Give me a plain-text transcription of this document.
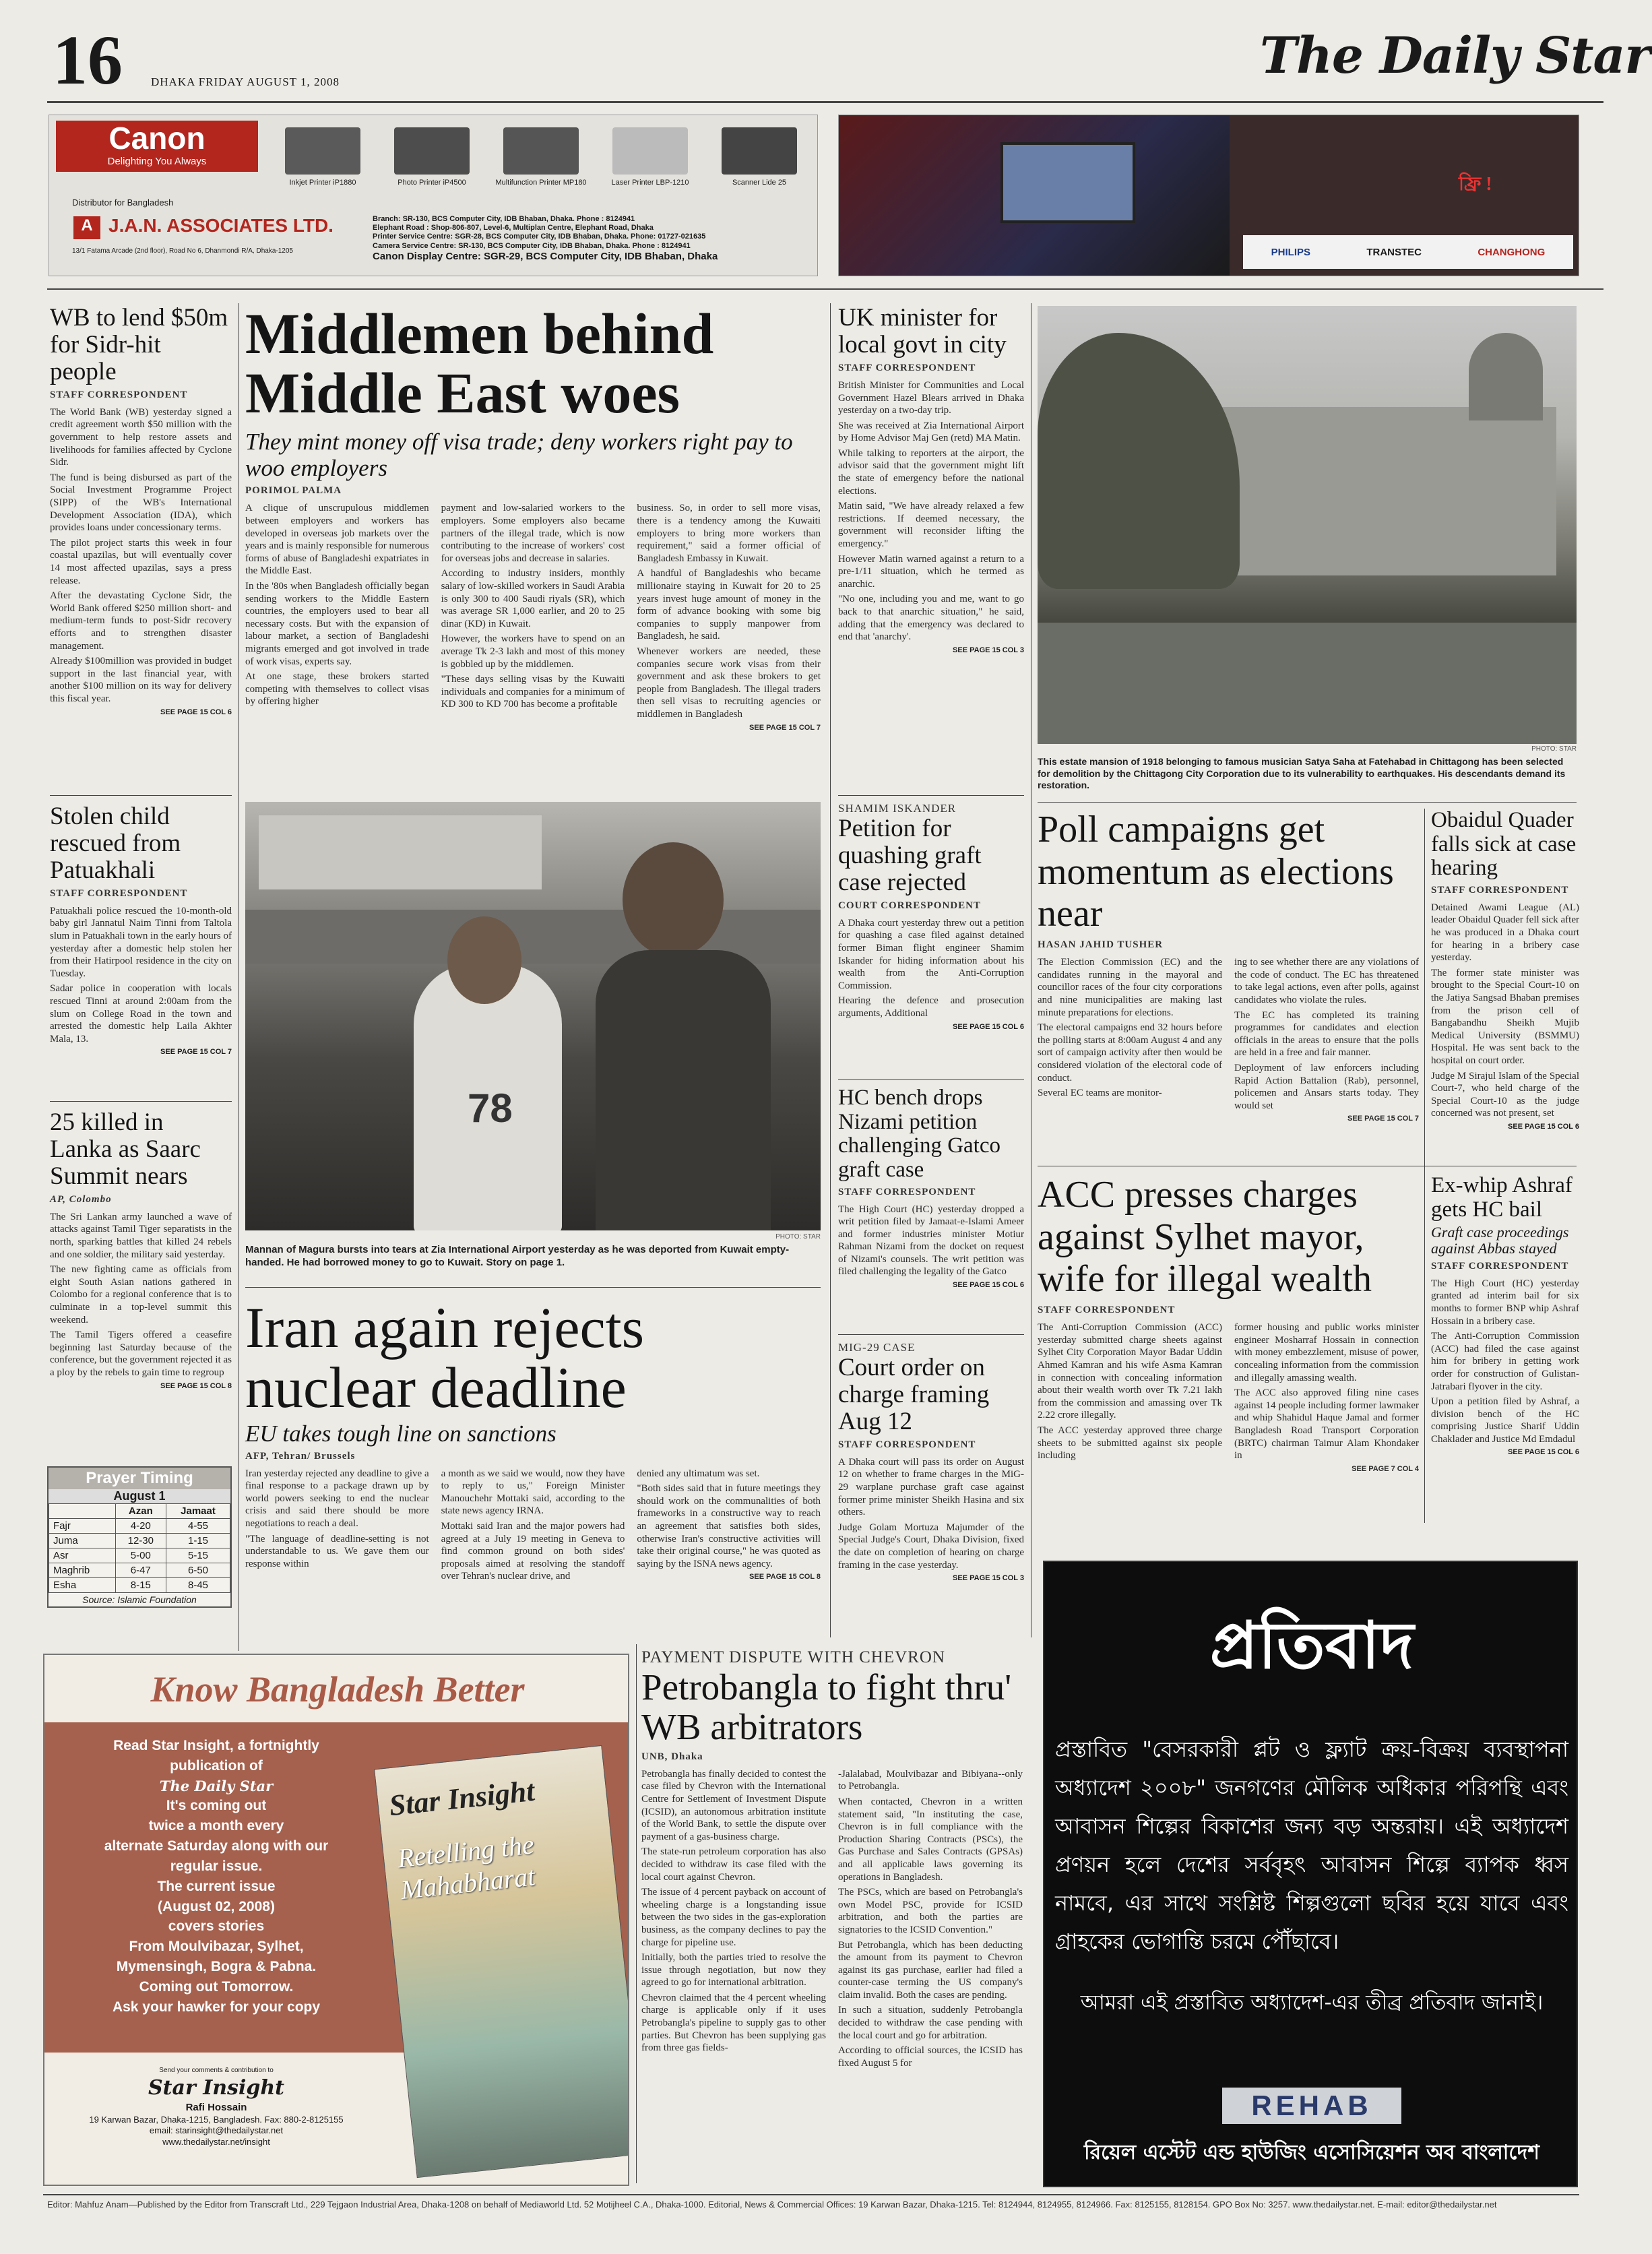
16 DHAKA FRIDAY AUGUST 1, 2008	The Daily Star
Canon
Delighting You Always
Distributor for Bangladesh
A J.A.N. ASSOCIATES LTD.
13/1 Fatama Arcade (2nd floor), Road No 6, Dhanmondi R/A, Dhaka-1205
Inkjet Printer iP1880	Photo Printer iP4500	Multifunction Printer MP180	Laser Printer LBP-1210	Scanner Lide 25
Branch: SR-130, BCS Computer City, IDB Bhaban, Dhaka. Phone : 8124941
Elephant Road : Shop-806-807, Level-6, Multiplan Centre, Elephant Road, Dhaka
Printer Service Centre: SGR-28, BCS Computer City, IDB Bhaban, Dhaka. Phone: 01727-021635
Camera Service Centre: SR-130, BCS Computer City, IDB Bhaban, Dhaka. Phone : 8124941
Canon Display Centre: SGR-29, BCS Computer City, IDB Bhaban, Dhaka
ফ্রি !
PHILIPS	TRANSTEC	CHANGHONG
WB to lend $50m for Sidr-hit people
STAFF CORRESPONDENT

The World Bank (WB) yesterday signed a credit agreement worth $50 million with the government to help restore assets and livelihoods for families affected by Cyclone Sidr.

The fund is being disbursed as part of the Social Investment Programme Project (SIPP) of the WB's International Development Association (IDA), which provides loans under concessionary terms.

The pilot project starts this week in four coastal upazilas, but will eventually cover 14 most affected upazilas, says a press release.

After the devastating Cyclone Sidr, the World Bank offered $250 million short- and medium-term funds to post-Sidr recovery efforts and to strengthen disaster management.

Already $100million was provided in budget support in the last financial year, with another $100 million on its way for delivery this fiscal year.

SEE PAGE 15 COL 6
Stolen child rescued from Patuakhali
STAFF CORRESPONDENT

Patuakhali police rescued the 10-month-old baby girl Jannatul Naim Tinni from Taltola slum in Patuakhali town in the early hours of yesterday after a domestic help stolen her from their Hatirpool residence in the city on Tuesday.

Sadar police in cooperation with locals rescued Tinni at around 2:00am from the slum on College Road in the town and arrested the domestic help Laila Akhter Mala, 13.

SEE PAGE 15 COL 7
25 killed in Lanka as Saarc Summit nears
AP, Colombo

The Sri Lankan army launched a wave of attacks against Tamil Tiger separatists in the north, sparking battles that killed 24 rebels and one soldier, the military said yesterday.

The new fighting came as officials from eight South Asian nations gathered in Colombo for a regional conference that is to culminate in a top-level summit this weekend.

The Tamil Tigers offered a ceasefire beginning last Saturday because of the conference, but the government rejected it as a ploy by the rebels to gain time to regroup

SEE PAGE 15 COL 8
Prayer Timing
August 1
	Azan	Jamaat
Fajr	4-20	4-55
Juma	12-30	1-15
Asr	5-00	5-15
Maghrib	6-47	6-50
Esha	8-15	8-45
Source: Islamic Foundation
Middlemen behind Middle East woes
They mint money off visa trade; deny workers right pay to woo employers
PORIMOL PALMA

A clique of unscrupulous middlemen between employers and workers has developed in overseas job markets over the years and is mainly responsible for numerous forms of abuse of Bangladeshi expatriates in the Middle East.

In the '80s when Bangladesh officially began sending workers to the Middle Eastern countries, the employers used to bear all necessary costs. But with the expansion of labour market, a section of Bangladeshi migrants emerged and got involved in trade of work visas, experts say.

At one stage, these brokers started competing with themselves to collect visas by offering higher

payment and low-salaried workers to the employers. Some employers also became partners of the illegal trade, which is now contributing to the increase of workers' cost for overseas jobs and decrease in salaries.

According to industry insiders, monthly salary of low-skilled workers in Saudi Arabia is only 300 to 400 Saudi riyals (SR), which was average SR 1,000 earlier, and 20 to 25 dinar (KD) in Kuwait.

However, the workers have to spend on an average Tk 2-3 lakh and most of this money is gobbled up by the middlemen.

"These days selling visas by the Kuwaiti individuals and companies for a minimum of KD 300 to KD 700 has become a profitable

business. So, in order to sell more visas, there is a tendency among the Kuwaiti employers to bring more workers than requirement," said a former official of Bangladesh Embassy in Kuwait.

A handful of Bangladeshis who became millionaire staying in Kuwait for 20 to 25 years invest huge amount of money in the form of advance booking with some big companies to supply manpower from Bangladesh, he said.

Whenever workers are needed, these companies secure work visas from their government and ask these brokers to get people from Bangladesh. The illegal traders then sell visas to recruiting agencies or middlemen in Bangladesh

SEE PAGE 15 COL 7
78
PHOTO: STAR
Mannan of Magura bursts into tears at Zia International Airport yesterday as he was deported from Kuwait empty-handed. He had borrowed money to go to Kuwait. Story on page 1.
Iran again rejects nuclear deadline
EU takes tough line on sanctions
AFP, Tehran/ Brussels

Iran yesterday rejected any deadline to give a final response to a package drawn up by world powers seeking to end the nuclear crisis and said there should be more negotiations to reach a deal.

"The language of deadline-setting is not understandable to us. We gave them our response within

a month as we said we would, now they have to reply to us," Foreign Minister Manouchehr Mottaki said, according to the state news agency IRNA.

Mottaki said Iran and the major powers had agreed at a July 19 meeting in Geneva to find common ground on both sides' proposals aimed at resolving the standoff over Tehran's nuclear drive, and

denied any ultimatum was set.

"Both sides said that in future meetings they should work on the communalities of both frameworks in a constructive way to reach an agreement that satisfies both sides, otherwise Iran's constructive activities will take their original course," he was quoted as saying by the ISNA news agency.

SEE PAGE 15 COL 8
UK minister for local govt in city
STAFF CORRESPONDENT

British Minister for Communities and Local Government Hazel Blears arrived in Dhaka yesterday on a two-day trip.

She was received at Zia International Airport by Home Advisor Maj Gen (retd) MA Matin.

While talking to reporters at the airport, the advisor said that the government might lift the state of emergency before the national elections.

Matin said, "We have already relaxed a few restrictions. If deemed necessary, the government will reconsider lifting the emergency."

However Matin warned against a return to a pre-1/11 situation, which he termed as anarchic.

"No one, including you and me, want to go back to that anarchic situation," he said, adding that the emergency was declared to end that 'anarchy'.

SEE PAGE 15 COL 3
SHAMIM ISKANDER
Petition for quashing graft case rejected
COURT CORRESPONDENT

A Dhaka court yesterday threw out a petition for quashing a case filed against detained former Biman flight engineer Shamim Iskander for hiding information about his wealth from the Anti-Corruption Commission.

Hearing the defence and prosecution arguments, Additional

SEE PAGE 15 COL 6
HC bench drops Nizami petition challenging Gatco graft case
STAFF CORRESPONDENT

The High Court (HC) yesterday dropped a writ petition filed by Jamaat-e-Islami Ameer and former industries minister Motiur Rahman Nizami from the docket on request of Nizami's counsels. The writ petition was filed challenging the legality of the Gatco

SEE PAGE 15 COL 6
MIG-29 CASE
Court order on charge framing Aug 12
STAFF CORRESPONDENT

A Dhaka court will pass its order on August 12 on whether to frame charges in the MiG-29 warplane purchase graft case against former prime minister Sheikh Hasina and six others.

Judge Golam Mortuza Majumder of the Special Judge's Court, Dhaka Division, fixed the date on completion of hearing on charge framing in the case yesterday.

SEE PAGE 15 COL 3
PHOTO: STAR
This estate mansion of 1918 belonging to famous musician Satya Saha at Fatehabad in Chittagong has been selected for demolition by the Chittagong City Corporation due to its vulnerability to earthquakes. His descendants demand its restoration.
Poll campaigns get momentum as elections near
HASAN JAHID TUSHER

The Election Commission (EC) and the candidates running in the mayoral and councillor races of the four city corporations and nine municipalities are making last minute preparations for elections.

The electoral campaigns end 32 hours before the polling starts at 8:00am August 4 and any sort of campaign activity after then would be considered violation of the electoral code of conduct.

Several EC teams are monitor-

ing to see whether there are any violations of the code of conduct. The EC has threatened to take legal actions, even after polls, against candidates who violate the rules.

The EC has completed its training programmes for candidates and election officials in the areas to ensure that the polls are held in a free and fair manner.

Deployment of law enforcers including Rapid Action Battalion (Rab), personnel, policemen and Ansars starts today. They would set

SEE PAGE 15 COL 7
Obaidul Quader falls sick at case hearing
STAFF CORRESPONDENT

Detained Awami League (AL) leader Obaidul Quader fell sick after he was produced in a Dhaka court for hearing in a bribery case yesterday.

The former state minister was brought to the Special Court-10 on the Jatiya Sangsad Bhaban premises from the prison cell of Bangabandhu Sheikh Mujib Medical University (BSMMU) Hospital. He was sent back to the hospital on court order.

Judge M Sirajul Islam of the Special Court-7, who held charge of the Special Court-10 as the judge concerned was not present, set

SEE PAGE 15 COL 6
ACC presses charges against Sylhet mayor, wife for illegal wealth
STAFF CORRESPONDENT

The Anti-Corruption Commission (ACC) yesterday submitted charge sheets against Sylhet City Corporation Mayor Badar Uddin Ahmed Kamran and his wife Asma Kamran in connection with concealing information about their wealth worth over Tk 7.21 lakh from the commission and amassing over Tk 2.22 crore illegally.

The ACC yesterday approved three charge sheets to be submitted against six people including

former housing and public works minister engineer Mosharraf Hossain in connection with money embezzlement, misuse of power, concealing information from the commission and illegally amassing wealth.

The ACC also approved filing nine cases against 14 people including former lawmaker and whip Shahidul Haque Jamal and former Bangladesh Road Transport Corporation (BRTC) chairman Taimur Alam Khondaker in

SEE PAGE 7 COL 4
Ex-whip Ashraf gets HC bail
Graft case proceedings against Abbas stayed
STAFF CORRESPONDENT

The High Court (HC) yesterday granted ad interim bail for six months to former BNP whip Ashraf Hossain in a bribery case.

The Anti-Corruption Commission (ACC) had filed the case against him for bribery in getting work order for construction of Gulistan-Jatrabari flyover in the city.

Upon a petition filed by Ashraf, a division bench of the HC comprising Justice Sharif Uddin Chaklader and Justice Md Emdadul

SEE PAGE 15 COL 6
Know Bangladesh Better
Read Star Insight, a fortnightly
publication of
The Daily Star
It's coming out
twice a month every
alternate Saturday along with our
regular issue.
The current issue
(August 02, 2008)
covers stories
From Moulvibazar, Sylhet,
Mymensingh, Bogra & Pabna.
Coming out Tomorrow.
Ask your hawker for your copy
Star Insight
Retelling the Mahabharat
Send your comments & contribution to
Star Insight
Rafi Hossain
19 Karwan Bazar, Dhaka-1215, Bangladesh. Fax: 880-2-8125155
email: starinsight@thedailystar.net
www.thedailystar.net/insight
PAYMENT DISPUTE WITH CHEVRON
Petrobangla to fight thru' WB arbitrators
UNB, Dhaka

Petrobangla has finally decided to contest the case filed by Chevron with the International Centre for Settlement of Investment Dispute (ICSID), an autonomous arbitration institute of the World Bank, to settle the dispute over payment of a gas-business charge.

The state-run petroleum corporation has also decided to withdraw its case filed with the local court against Chevron.

The issue of 4 percent payback on account of wheeling charge is a longstanding issue between the two sides in the gas-exploration business, as the company declines to pay the charge for pipeline use.

Initially, both the parties tried to resolve the issue through negotiation, but now they agreed to go for international arbitration.

Chevron claimed that the 4 percent wheeling charge is applicable only if it uses Petrobangla's pipeline to supply gas to other parties. But Chevron has been supplying gas from three gas fields-

-Jalalabad, Moulvibazar and Bibiyana--only to Petrobangla.

When contacted, Chevron in a written statement said, "In instituting the case, Chevron is in full compliance with the Production Sharing Contracts (PSCs), the Gas Purchase and Sales Contracts (GPSAs) and all applicable laws governing its operations in Bangladesh.

The PSCs, which are based on Petrobangla's own Model PSC, provide for ICSID arbitration, and both the parties are signatories to the ICSID Convention."

But Petrobangla, which has been deducting the amount from its payment to Chevron against its gas purchase, earlier had filed a counter-case terming the US company's claim invalid. Both the cases are pending.

In such a situation, suddenly Petrobangla decided to withdraw the case pending with the local court and go for arbitration.

According to official sources, the ICSID has fixed August 5 for

প্রতিবাদ
প্রস্তাবিত "বেসরকারী প্লট ও ফ্ল্যাট ক্রয়-বিক্রয় ব্যবস্থাপনা অধ্যাদেশ ২০০৮" জনগণের মৌলিক অধিকার পরিপন্থি এবং আবাসন শিল্পের বিকাশের জন্য বড় অন্তরায়। এই অধ্যাদেশ প্রণয়ন হলে দেশের সর্ববৃহৎ আবাসন শিল্পে ব্যাপক ধ্বস নামবে, এর সাথে সংশ্লিষ্ট শিল্পগুলো ছবির হয়ে যাবে এবং গ্রাহকের ভোগান্তি চরমে পৌঁছাবে।
আমরা এই প্রস্তাবিত অধ্যাদেশ-এর তীব্র প্রতিবাদ জানাই।
REHAB
রিয়েল এস্টেট এন্ড হাউজিং এসোসিয়েশন অব বাংলাদেশ
Editor: Mahfuz Anam—Published by the Editor from Transcraft Ltd., 229 Tejgaon Industrial Area, Dhaka-1208 on behalf of Mediaworld Ltd. 52 Motijheel C.A., Dhaka-1000. Editorial, News & Commercial Offices: 19 Karwan Bazar, Dhaka-1215. Tel: 8124944, 8124955, 8124966. Fax: 8125155, 8128154. GPO Box No: 3257. www.thedailystar.net. E-mail: editor@thedailystar.net
